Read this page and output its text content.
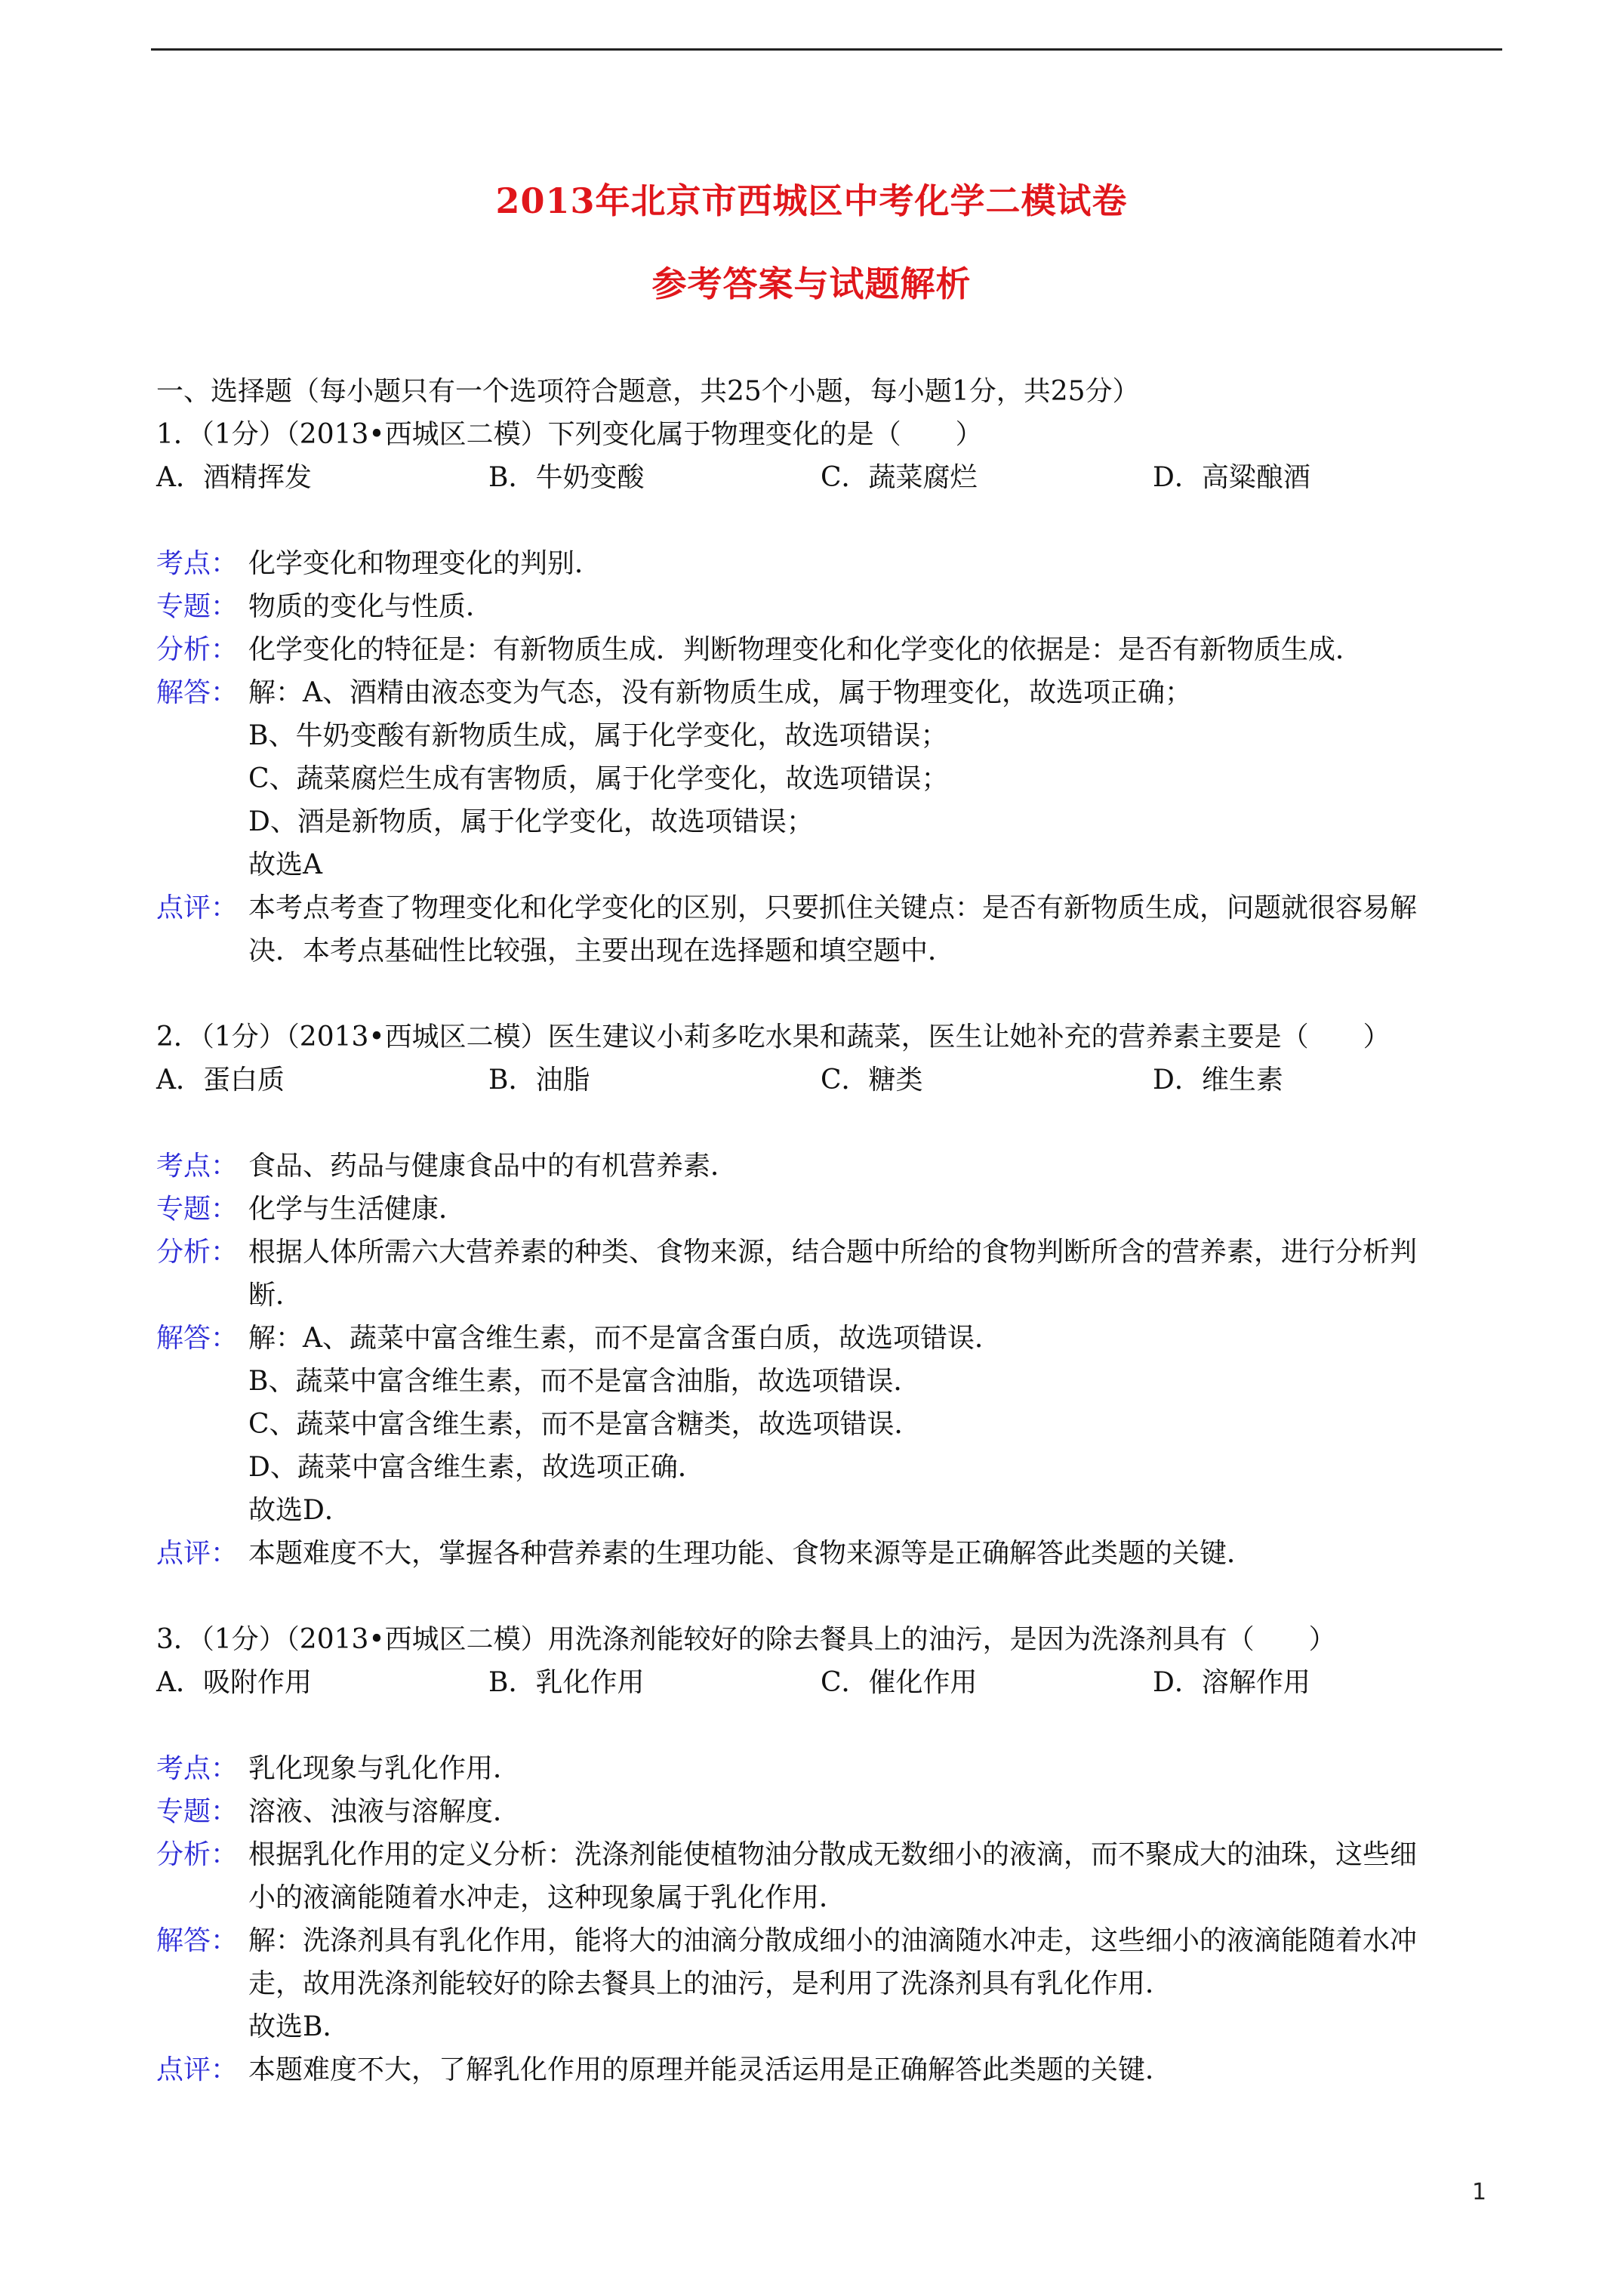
2013年北京市西城区中考化学二模试卷
参考答案与试题解析
一、选择题（每小题只有一个选项符合题意，共25个小题，每小题1分，共25分）
1．（1分）（2013•西城区二模）下列变化属于物理变化的是（　　）
A．酒精挥发	B．牛奶变酸	C．蔬菜腐烂	D．高粱酿酒
考点： 化学变化和物理变化的判别．
专题： 物质的变化与性质．
分析： 化学变化的特征是：有新物质生成．判断物理变化和化学变化的依据是：是否有新物质生成．

解答： 解：A、酒精由液态变为气态，没有新物质生成，属于物理变化，故选项正确；

B、牛奶变酸有新物质生成，属于化学变化，故选项错误；

C、蔬菜腐烂生成有害物质，属于化学变化，故选项错误；

D、酒是新物质，属于化学变化，故选项错误；

故选A

点评： 本考点考查了物理变化和化学变化的区别，只要抓住关键点：是否有新物质生成，问题就很容易解

决．本考点基础性比较强，主要出现在选择题和填空题中．

2．（1分）（2013•西城区二模）医生建议小莉多吃水果和蔬菜，医生让她补充的营养素主要是（　　）
A．蛋白质	B．油脂	C．糖类	D．维生素
考点： 食品、药品与健康食品中的有机营养素．
专题： 化学与生活健康．
分析： 根据人体所需六大营养素的种类、食物来源，结合题中所给的食物判断所含的营养素，进行分析判

断．

解答： 解：A、蔬菜中富含维生素，而不是富含蛋白质，故选项错误．

B、蔬菜中富含维生素，而不是富含油脂，故选项错误．

C、蔬菜中富含维生素，而不是富含糖类，故选项错误．

D、蔬菜中富含维生素，故选项正确．

故选D．

点评： 本题难度不大，掌握各种营养素的生理功能、食物来源等是正确解答此类题的关键．

3．（1分）（2013•西城区二模）用洗涤剂能较好的除去餐具上的油污，是因为洗涤剂具有（　　）
A．吸附作用	B．乳化作用	C．催化作用	D．溶解作用
考点： 乳化现象与乳化作用．
专题： 溶液、浊液与溶解度．
分析： 根据乳化作用的定义分析：洗涤剂能使植物油分散成无数细小的液滴，而不聚成大的油珠，这些细

小的液滴能随着水冲走，这种现象属于乳化作用．

解答： 解：洗涤剂具有乳化作用，能将大的油滴分散成细小的油滴随水冲走，这些细小的液滴能随着水冲

走，故用洗涤剂能较好的除去餐具上的油污，是利用了洗涤剂具有乳化作用．

故选B．

点评： 本题难度不大，了解乳化作用的原理并能灵活运用是正确解答此类题的关键．

1
